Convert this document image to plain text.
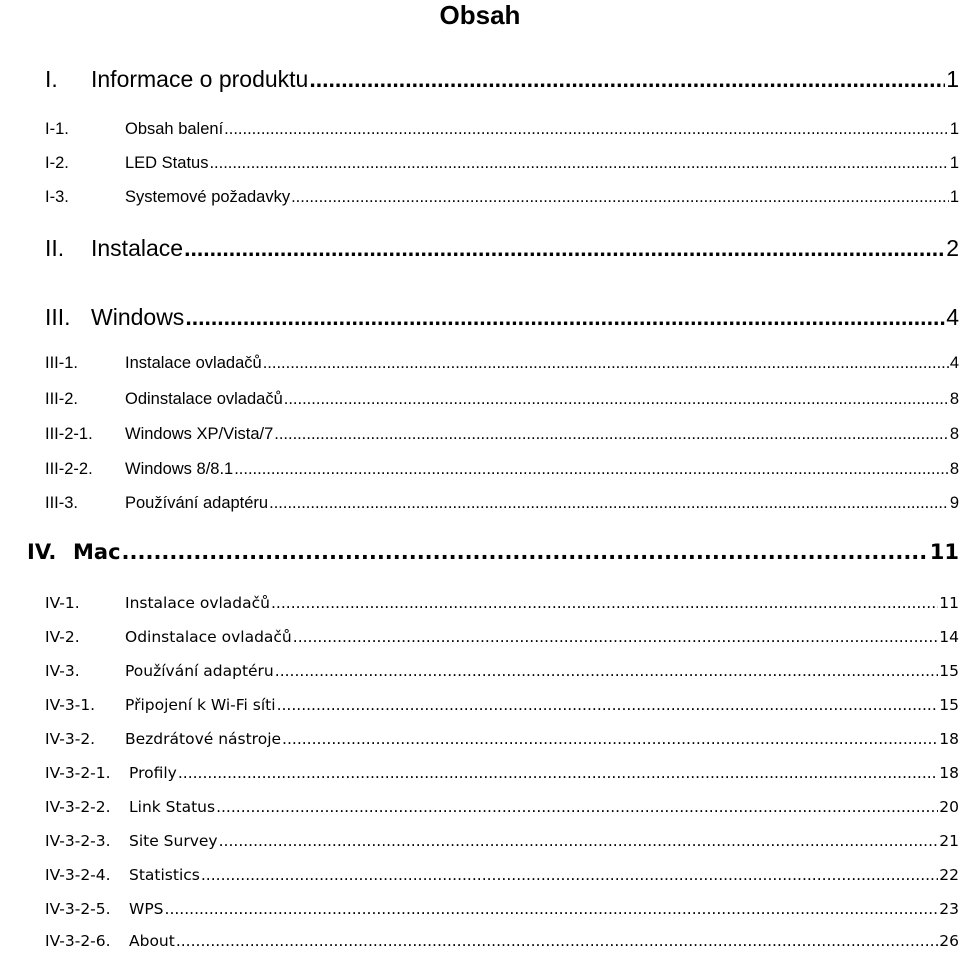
Obsah
I.	Informace o produktu .....	1
I-1.	Obsah balení .....	1
I-2.	LED Status .....	1
I-3.	Systemové požadavky .....	1
II.	Instalace .....	2
III. Windows .....	4
III-1.	Instalace ovladačů .....	4
III-2.	Odinstalace ovladačů .....	8
III-2-1.	Windows XP/Vista/7 .....	8
III-2-2.	Windows 8/8.1 .....	8
III-3.	Používání adaptéru .....	9
IV. Mac .....	11
IV-1.	Instalace ovladačů .....	11
IV-2.	Odinstalace ovladačů .....	14
IV-3.	Používání adaptéru .....	15
IV-3-1.	Připojení k Wi-Fi síti .....	15
IV-3-2.	Bezdrátové nástroje .....	18
IV-3-2-1.	Profily .....	18
IV-3-2-2.	Link Status .....	20
IV-3-2-3.	Site Survey .....	21
IV-3-2-4.	Statistics .....	22
IV-3-2-5.	WPS .....	23
IV-3-2-6.	About .....	26
